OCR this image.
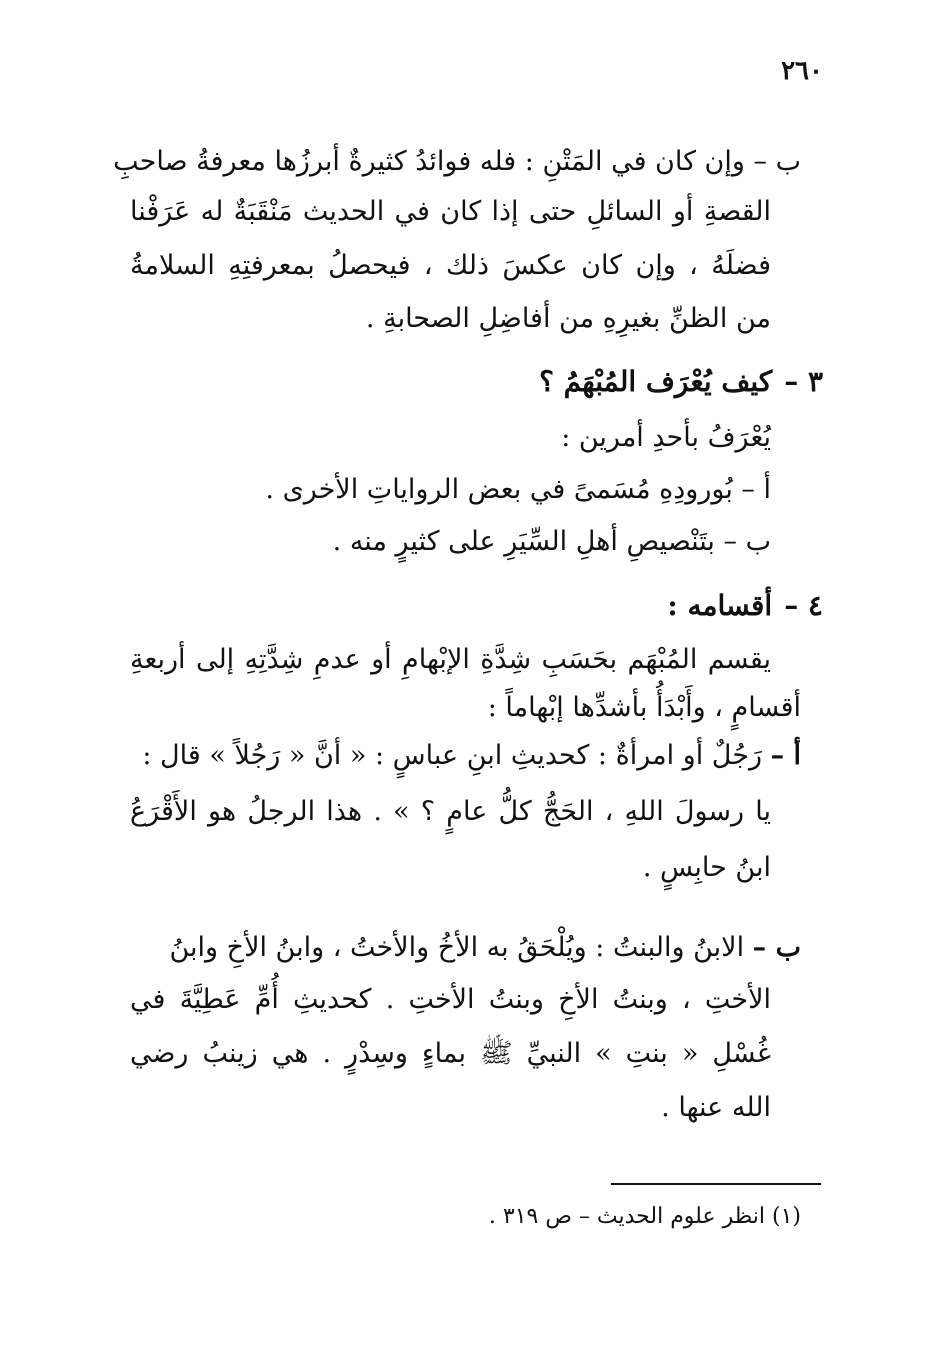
٢٦٠
ب – وإن كان في المَتْنِ : فله فوائدُ كثيرةٌ أبرزُها معرفةُ صاحبِ
القصةِ أو السائلِ حتى إذا كان في الحديث مَنْقَبَةٌ له عَرَفْنا
فضلَهُ ، وإن كان عكسَ ذلك ، فيحصلُ بمعرفتِهِ السلامةُ
من الظنِّ بغيرِهِ من أفاضِلِ الصحابةِ .
٣ –كيف يُعْرَف المُبْهَمُ ؟
يُعْرَفُ بأحدِ أمرين :
أ – بُورودِهِ مُسَمىً في بعض الرواياتِ الأخرى .
ب – بتَنْصيصِ أهلِ السِّيَرِ على كثيرٍ منه .
٤ –أقسامه :
يقسم المُبْهَم بحَسَبِ شِدَّةِ الإبْهامِ أو عدمِ شِدَّتِهِ إلى أربعةِ
أقسامٍ ، وأَبْدَأُ بأشدِّها إبْهاماً :
أ – رَجُلٌ أو امرأةٌ : كحديثِ ابنِ عباسٍ : « أنَّ « رَجُلاً » قال :
يا رسولَ اللهِ ، الحَجُّ كلُّ عامٍ ؟ » . هذا الرجلُ هو الأَقْرَعُ
ابنُ حابِسٍ .
ب – الابنُ والبنتُ : ويُلْحَقُ به الأخُ والأختُ ، وابنُ الأخِ وابنُ
الأختِ ، وبنتُ الأخِ وبنتُ الأختِ . كحديثِ أُمِّ عَطِيَّةَ في
غُسْلِ « بنتِ » النبيِّ ﷺ بماءٍ وسِدْرٍ . هي زينبُ رضي
الله عنها .
(١) انظر علوم الحديث – ص ٣١٩ .
